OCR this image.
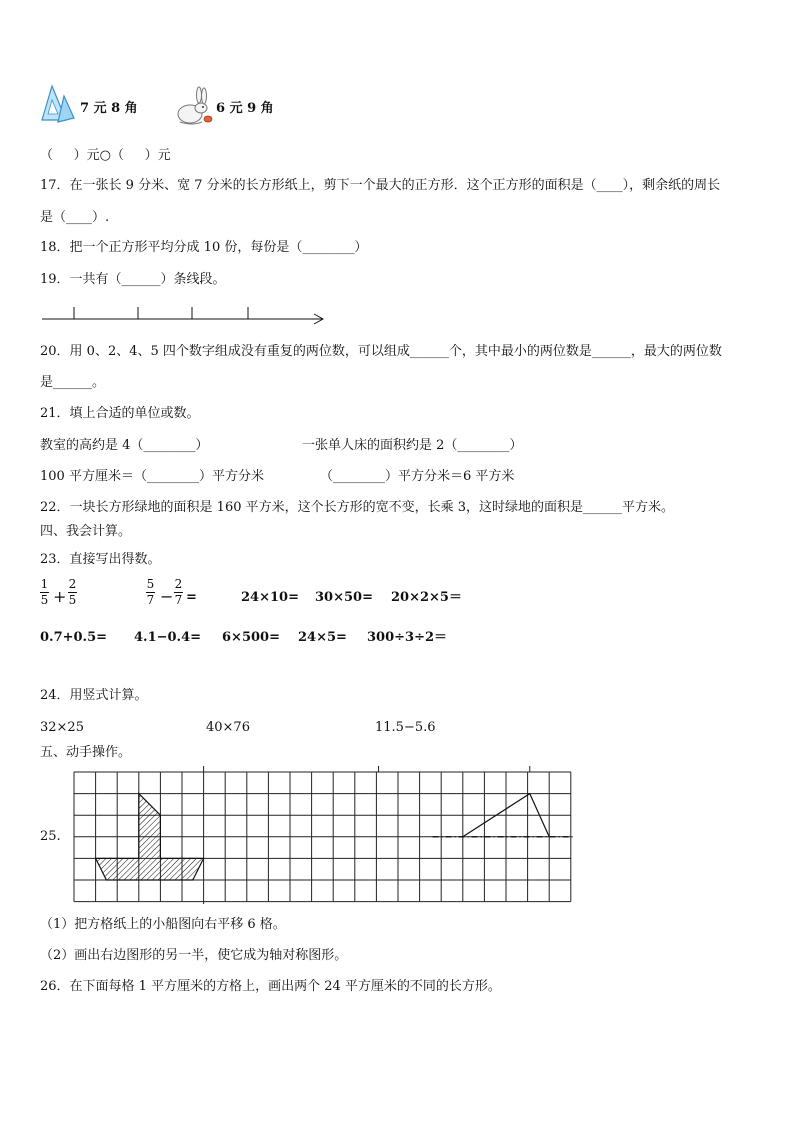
7 元 8 角	6 元 9 角
（     ）元○（     ）元
17．在一张长 9 分米、宽 7 分米的长方形纸上，剪下一个最大的正方形．这个正方形的面积是（____），剩余纸的周长
是（____）.
18．把一个正方形平均分成 10 份，每份是（________）
19．一共有（______）条线段。
20．用 0、2、4、5 四个数字组成没有重复的两位数，可以组成______个，其中最小的两位数是______，最大的两位数
是______。
21．填上合适的单位或数。
教室的高约是 4（________）	一张单人床的面积约是 2（________）
100 平方厘米＝（________）平方分米	（________）平方分米＝6 平方米
22．一块长方形绿地的面积是 160 平方米，这个长方形的宽不变，长乘 3，这时绿地的面积是______平方米。
四、我会计算。
23．直接写出得数。
1
5 +
2
5
5
7 −
2
7 =	24×10= 30×50= 20×2×5＝
0.7+0.5= 4.1−0.4= 6×500= 24×5= 300÷3÷2＝
24．用竖式计算。
32×25	40×76	11.5−5.6
五、动手操作。
25.
（1）把方格纸上的小船图向右平移 6 格。
（2）画出右边图形的另一半，使它成为轴对称图形。
26．在下面每格 1 平方厘米的方格上，画出两个 24 平方厘米的不同的长方形。
